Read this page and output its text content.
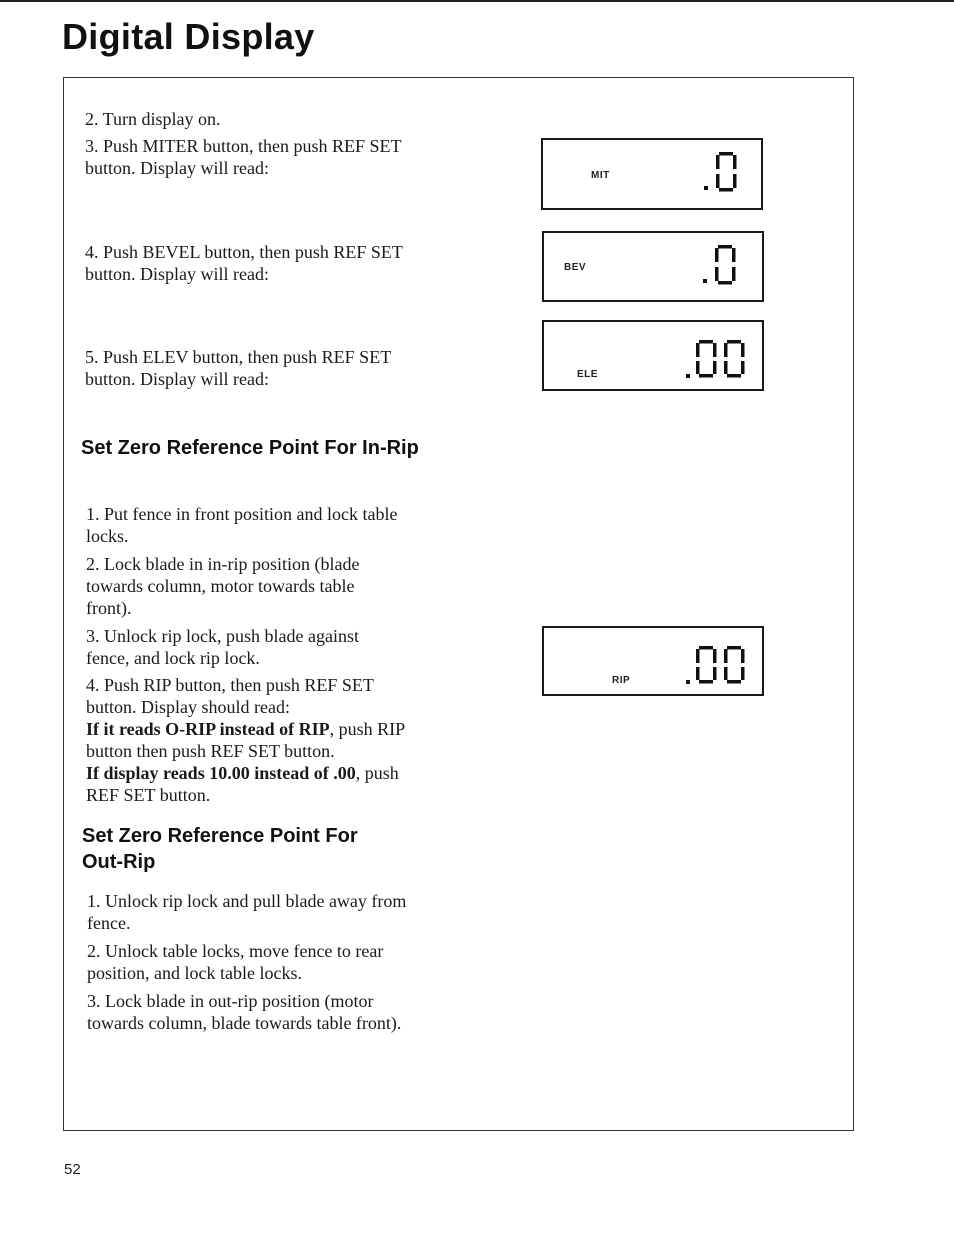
Digital Display

2. Turn display on.

3. Push MITER button, then push REF SET button. Display will read:

4. Push BEVEL button, then push REF SET button. Display will read:

5. Push ELEV button, then push REF SET button. Display will read:

Set Zero Reference Point For In-Rip

1. Put fence in front position and lock table locks.

2. Lock blade in in-rip position (blade towards column, motor towards table front).

3. Unlock rip lock, push blade against fence, and lock rip lock.

4. Push RIP button, then push REF SET button. Display should read:
If it reads O-RIP instead of RIP, push RIP button then push REF SET button.
If display reads 10.00 instead of .00, push REF SET button.

Set Zero Reference Point For Out-Rip

1. Unlock rip lock and pull blade away from fence.

2. Unlock table locks, move fence to rear position, and lock table locks.

3. Lock blade in out-rip position (motor towards column, blade towards table front).

MIT
BEV
ELE
RIP
52
